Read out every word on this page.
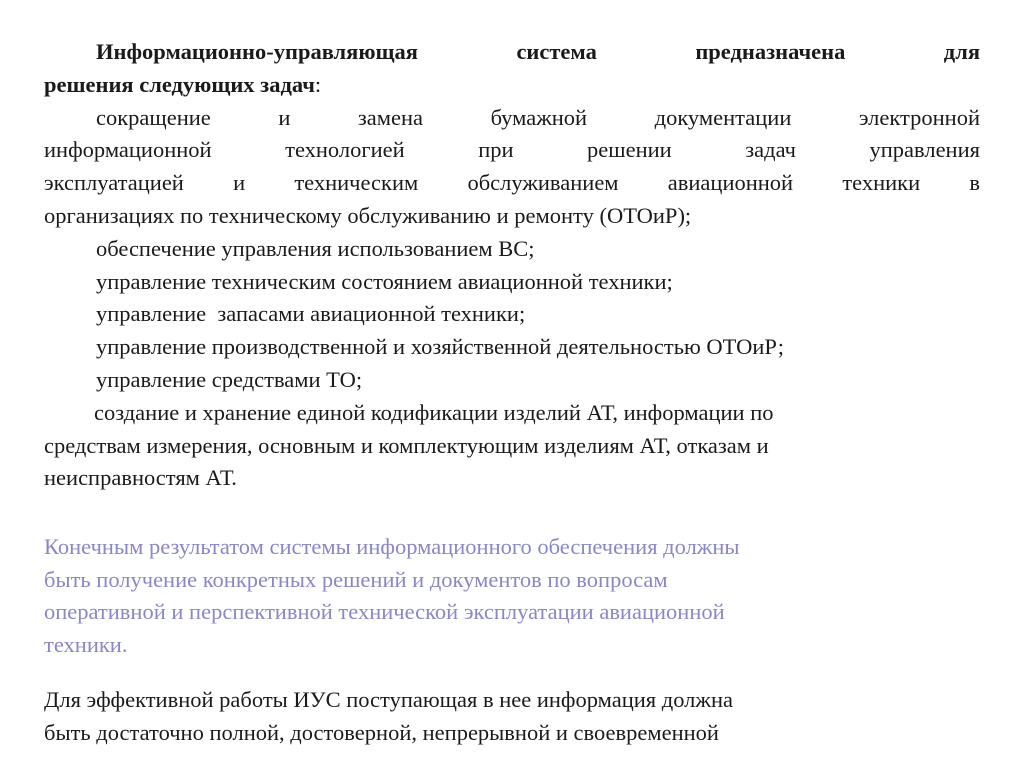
Информационно-управляющая система предназначена для
решения следующих задач:
сокращение и замена бумажной документации электронной
информационной технологией при решении задач управления
эксплуатацией и техническим обслуживанием авиационной техники в
организациях по техническому обслуживанию и ремонту (ОТОиР);
обеспечение управления использованием ВС;
управление техническим состоянием авиационной техники;
управление  запасами авиационной техники;
управление производственной и хозяйственной деятельностью ОТОиР;
управление средствами ТО;
создание и хранение единой кодификации изделий АТ, информации по
средствам измерения, основным и комплектующим изделиям АТ, отказам и
неисправностям АТ.
Конечным результатом системы информационного обеспечения должны
быть получение конкретных решений и документов по вопросам
оперативной и перспективной технической эксплуатации авиационной
техники.
Для эффективной работы ИУС поступающая в нее информация должна
быть достаточно полной, достоверной, непрерывной и своевременной
